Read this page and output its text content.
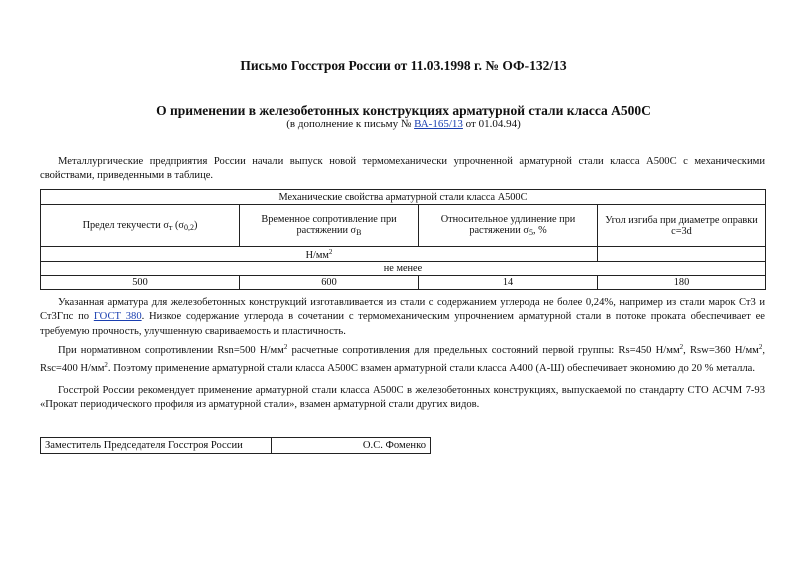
Письмо Госстроя России от 11.03.1998 г. № ОФ-132/13
О применении в железобетонных конструкциях арматурной стали класса А500С
(в дополнение к письму № ВА-165/13 от 01.04.94)
Металлургические предприятия России начали выпуск новой термомеханически упрочненной арматурной стали класса А500С с механическими свойствами, приведенными в таблице.
Механические свойства арматурной стали класса А500С			
Предел текучести $\sigma_т$ $(\sigma_{0,2})$	Временное сопротивление при растяжении $\sigma_В$	Относительное удлинение при растяжении $\sigma_5$, %	Угол изгиба при диаметре оправки c=3d
$Н/мм^2$	
не менее			
500	600	14	180
Указанная арматура для железобетонных конструкций изготавливается из стали с содержанием углерода не более 0,24%, например из стали марок Ст3 и Ст3Гпс по ГОСТ 380. Низкое содержание углерода в сочетании с термомеханическим упрочнением арматурной стали в потоке проката обеспечивает ее требуемую прочность, улучшенную свариваемость и пластичность.
При нормативном сопротивлении Rsn=500 $Н/мм^2$ расчетные сопротивления для предельных состояний первой группы: Rs=450 $Н/мм^2$, Rsw=360 $Н/мм^2$, Rsc=400 $Н/мм^2$. Поэтому применение арматурной стали класса А500С взамен арматурной стали класса А400 (А-Ш) обеспечивает экономию до 20 % металла.
Госстрой России рекомендует применение арматурной стали класса А500С в железобетонных конструкциях, выпускаемой по стандарту СТО АСЧМ 7-93 «Прокат периодического профиля из арматурной стали», взамен арматурной стали других видов.
Заместитель Председателя Госстроя России	О.С. Фоменко
